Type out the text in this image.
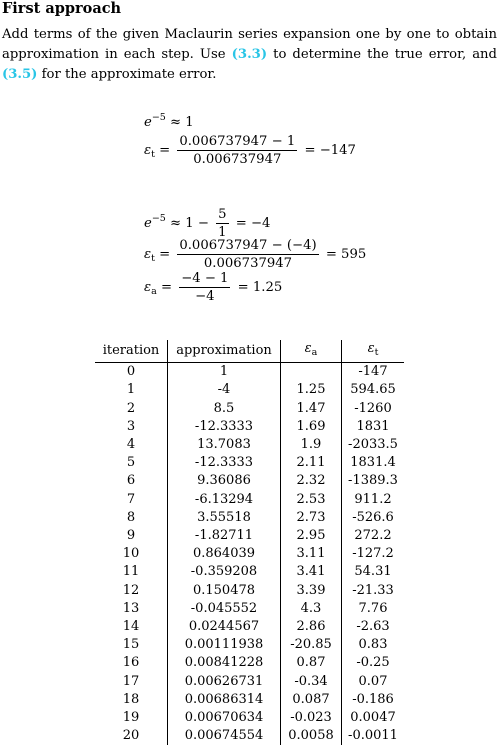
First approach
Add terms of the given Maclaurin series expansion one by one to obtain approximation in each step. Use (3.3) to determine the true error, and (3.5) for the approximate error.
$e^{-5} \approx 1$
$\varepsilon_t = \frac{0.006737947 - 1}{0.006737947} = -147$
$e^{-5} \approx 1 - \frac{5}{1} = -4$
$\varepsilon_t = \frac{0.006737947 - (-4)}{0.006737947} = 595$
$\varepsilon_a = \frac{-4 - 1}{-4} = 1.25$
iteration	approximation	$\varepsilon_a$	$\varepsilon_t$
0	1		-147
1	-4	1.25	594.65
2	8.5	1.47	-1260
3	-12.3333	1.69	1831
4	13.7083	1.9	-2033.5
5	-12.3333	2.11	1831.4
6	9.36086	2.32	-1389.3
7	-6.13294	2.53	911.2
8	3.55518	2.73	-526.6
9	-1.82711	2.95	272.2
10	0.864039	3.11	-127.2
11	-0.359208	3.41	54.31
12	0.150478	3.39	-21.33
13	-0.045552	4.3	7.76
14	0.0244567	2.86	-2.63
15	0.00111938	-20.85	0.83
16	0.00841228	0.87	-0.25
17	0.00626731	-0.34	0.07
18	0.00686314	0.087	-0.186
19	0.00670634	-0.023	0.0047
20	0.00674554	0.0058	-0.0011
